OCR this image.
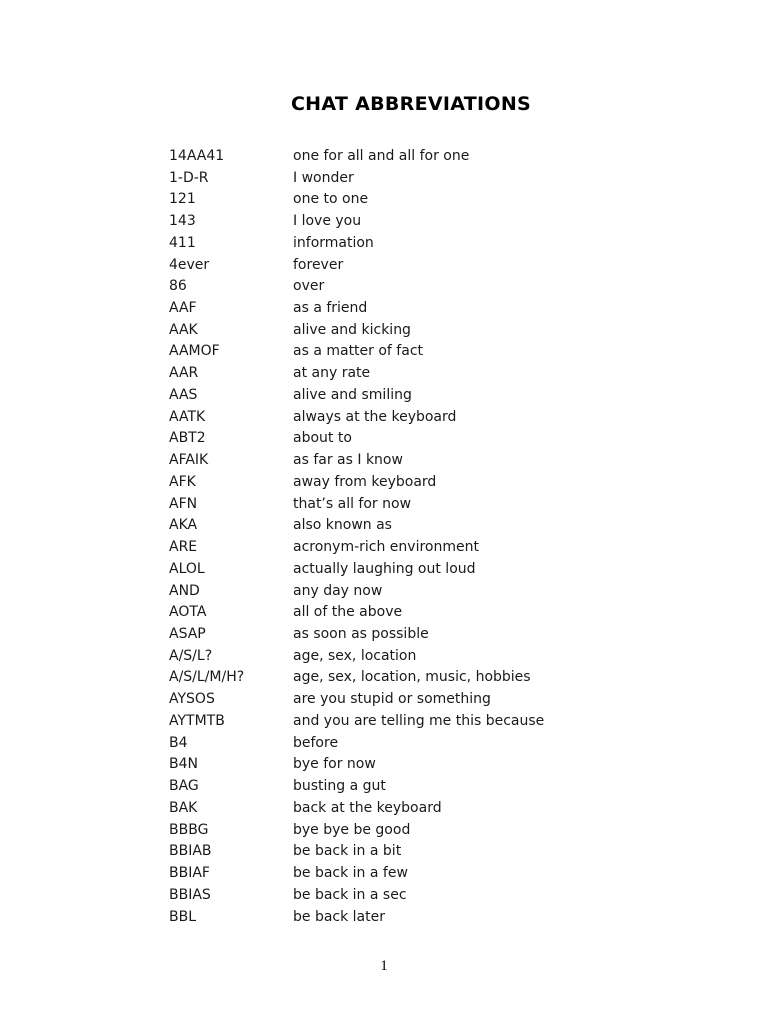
CHAT ABBREVIATIONS
14AA41	one for all and all for one
1-D-R	I wonder
121	one to one
143	I love you
411	information
4ever	forever
86	over
AAF	as a friend
AAK	alive and kicking
AAMOF	as a matter of fact
AAR	at any rate
AAS	alive and smiling
AATK	always at the keyboard
ABT2	about to
AFAIK	as far as I know
AFK	away from keyboard
AFN	that’s all for now
AKA	also known as
ARE	acronym-rich environment
ALOL	actually laughing out loud
AND	any day now
AOTA	all of the above
ASAP	as soon as possible
A/S/L?	age, sex, location
A/S/L/M/H?	age, sex, location, music, hobbies
AYSOS	are you stupid or something
AYTMTB	and you are telling me this because
B4	before
B4N	bye for now
BAG	busting a gut
BAK	back at the keyboard
BBBG	bye bye be good
BBIAB	be back in a bit
BBIAF	be back in a few
BBIAS	be back in a sec
BBL	be back later
1
